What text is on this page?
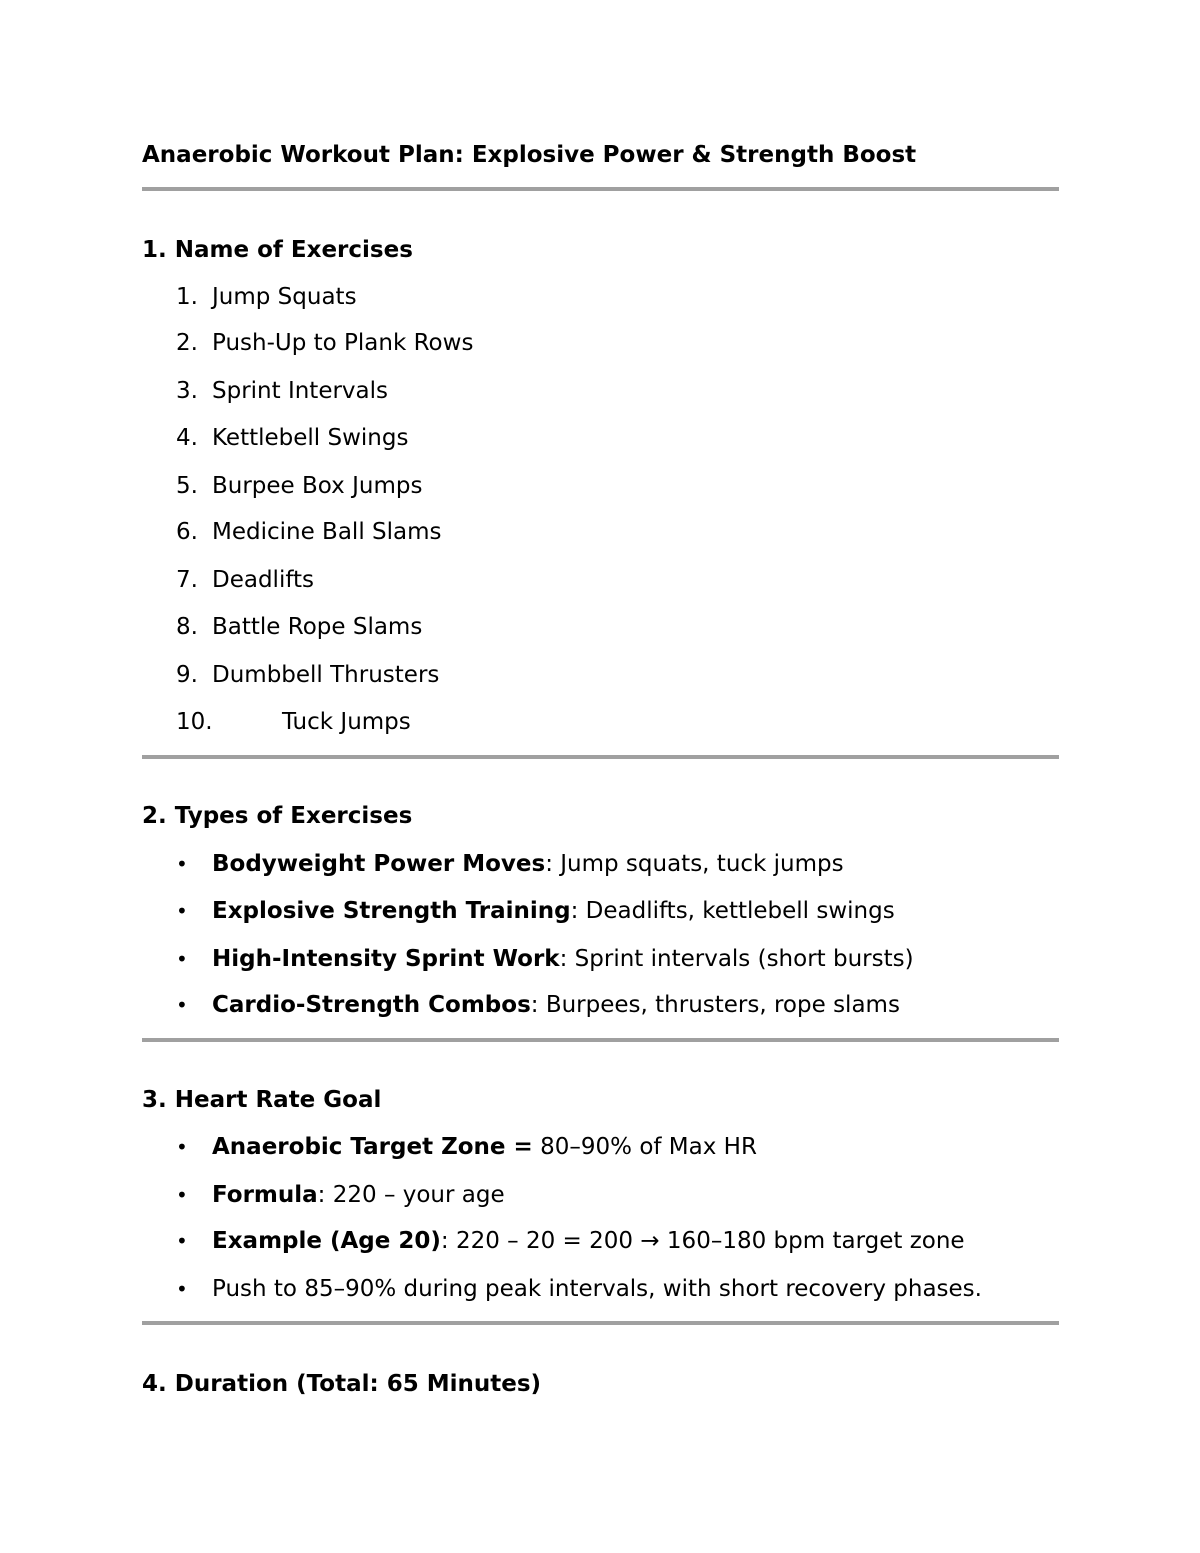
Anaerobic Workout Plan: Explosive Power & Strength Boost
1. Name of Exercises
1. Jump Squats
2. Push-Up to Plank Rows
3. Sprint Intervals
4. Kettlebell Swings
5. Burpee Box Jumps
6. Medicine Ball Slams
7. Deadlifts
8. Battle Rope Slams
9. Dumbbell Thrusters
10.	Tuck Jumps
2. Types of Exercises
• Bodyweight Power Moves: Jump squats, tuck jumps
• Explosive Strength Training: Deadlifts, kettlebell swings
• High-Intensity Sprint Work: Sprint intervals (short bursts)
• Cardio-Strength Combos: Burpees, thrusters, rope slams
3. Heart Rate Goal
• Anaerobic Target Zone = 80–90% of Max HR
• Formula: 220 – your age
• Example (Age 20): 220 – 20 = 200 → 160–180 bpm target zone
• Push to 85–90% during peak intervals, with short recovery phases.
4. Duration (Total: 65 Minutes)
